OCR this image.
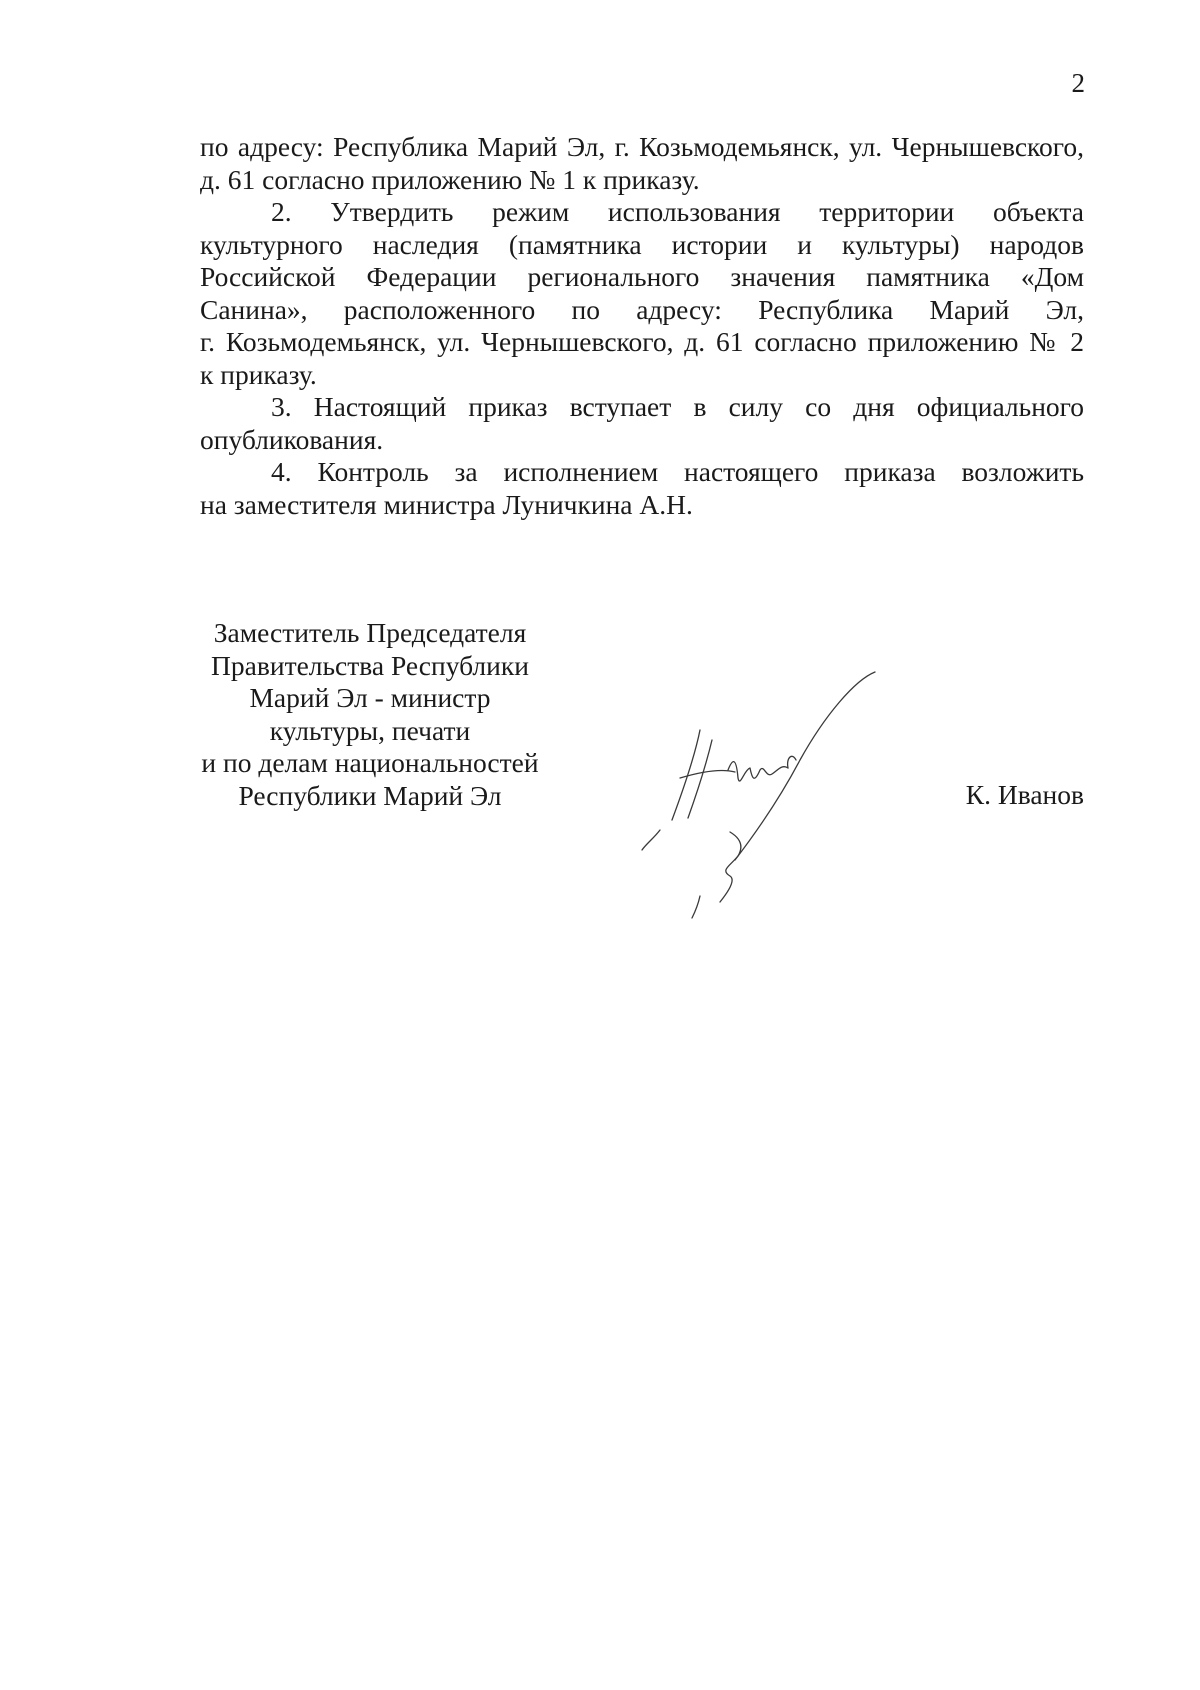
2

по адресу: Республика Марий Эл, г. Козьмодемьянск, ул. Чернышевского,
д. 61 согласно приложению № 1 к приказу.

2. Утвердить режим использования территории объекта
культурного наследия (памятника истории и культуры) народов
Российской Федерации регионального значения памятника «Дом
Санина», расположенного по адресу: Республика Марий Эл,
г. Козьмодемьянск, ул. Чернышевского, д. 61 согласно приложению № 2
к приказу.

3. Настоящий приказ вступает в силу со дня официального
опубликования.

4. Контроль за исполнением настоящего приказа возложить
на заместителя министра Луничкина А.Н.

Заместитель Председателя
Правительства Республики
Марий Эл - министр
культуры, печати
и по делам национальностей
Республики Марий Эл	К. Иванов
